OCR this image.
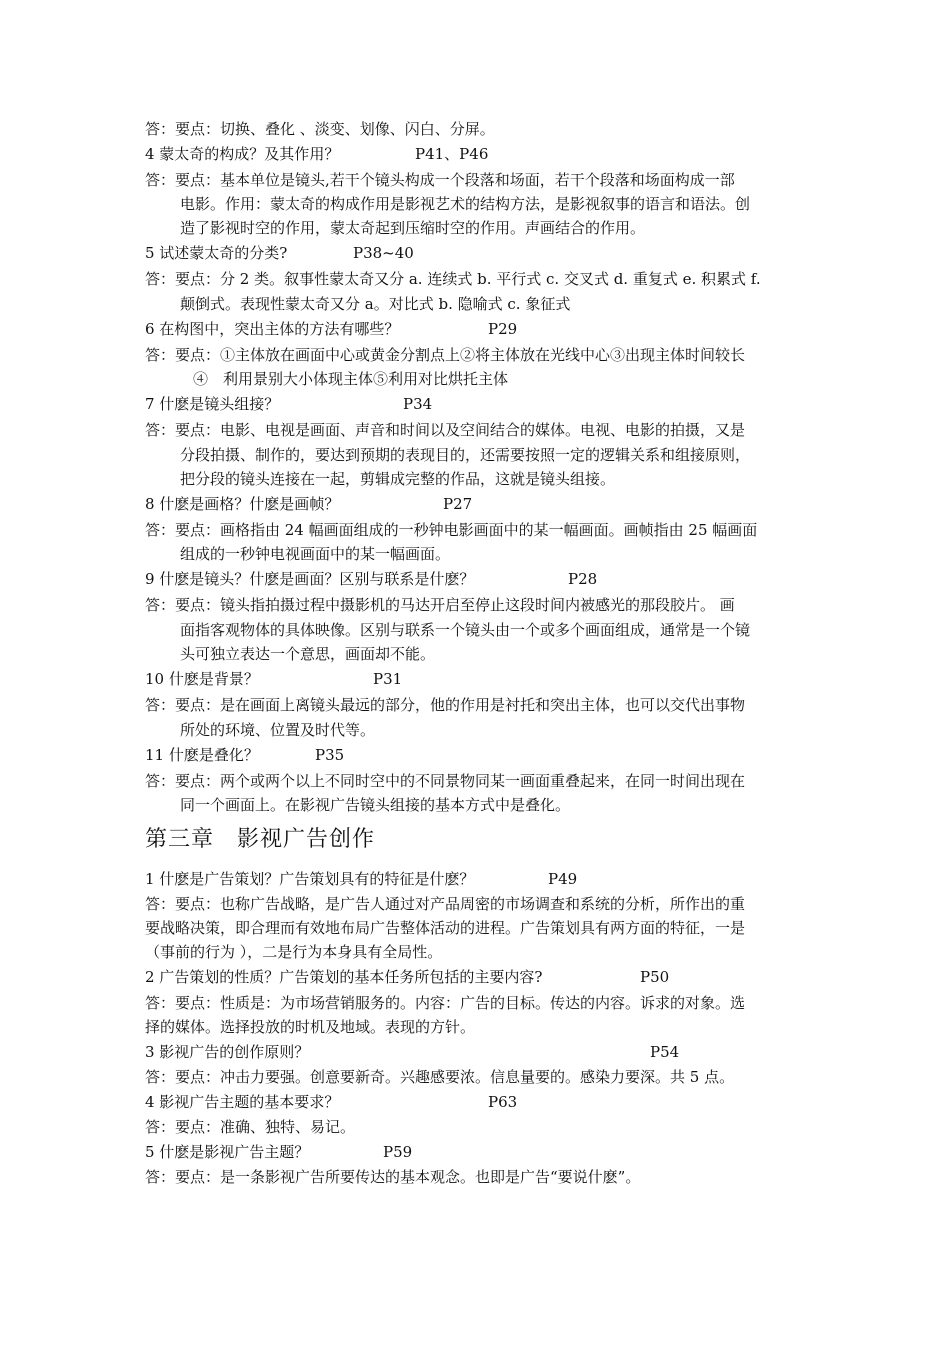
答：要点：切换、叠化 、淡变、划像、闪白、分屏。
4 蒙太奇的构成？及其作用？	P41、P46
答：要点：基本单位是镜头,若干个镜头构成一个段落和场面，若干个段落和场面构成一部
电影。作用：蒙太奇的构成作用是影视艺术的结构方法，是影视叙事的语言和语法。创
造了影视时空的作用，蒙太奇起到压缩时空的作用。声画结合的作用。
5 试述蒙太奇的分类?	P38~40
答：要点：分 2 类。叙事性蒙太奇又分 a. 连续式 b. 平行式 c. 交叉式 d. 重复式 e. 积累式 f.
颠倒式。表现性蒙太奇又分 a。对比式 b. 隐喻式 c. 象征式
6 在构图中，突出主体的方法有哪些？	P29
答：要点：①主体放在画面中心或黄金分割点上②将主体放在光线中心③出现主体时间较长
④　利用景别大小体现主体⑤利用对比烘托主体
7 什麽是镜头组接？	P34
答：要点：电影、电视是画面、声音和时间以及空间结合的媒体。电视、电影的拍摄，又是
分段拍摄、制作的，要达到预期的表现目的，还需要按照一定的逻辑关系和组接原则，
把分段的镜头连接在一起，剪辑成完整的作品，这就是镜头组接。
8 什麽是画格？什麽是画帧？	P27
答：要点：画格指由 24 幅画面组成的一秒钟电影画面中的某一幅画面。画帧指由 25 幅画面
组成的一秒钟电视画面中的某一幅画面。
9 什麽是镜头？什麽是画面？区别与联系是什麽？	P28
答：要点：镜头指拍摄过程中摄影机的马达开启至停止这段时间内被感光的那段胶片。 画
面指客观物体的具体映像。区别与联系一个镜头由一个或多个画面组成，通常是一个镜
头可独立表达一个意思，画面却不能。
10 什麽是背景？	P31
答：要点：是在画面上离镜头最远的部分，他的作用是衬托和突出主体，也可以交代出事物
所处的环境、位置及时代等。
11 什麽是叠化？	P35
答：要点：两个或两个以上不同时空中的不同景物同某一画面重叠起来，在同一时间出现在
同一个画面上。在影视广告镜头组接的基本方式中是叠化。
第三章　影视广告创作
1 什麽是广告策划？广告策划具有的特征是什麽？	P49
答：要点：也称广告战略，是广告人通过对产品周密的市场调查和系统的分析，所作出的重
要战略决策，即合理而有效地布局广告整体活动的进程。广告策划具有两方面的特征，一是
（事前的行为 ），二是行为本身具有全局性。
2 广告策划的性质？广告策划的基本任务所包括的主要内容?	P50
答：要点：性质是：为市场营销服务的。内容：广告的目标。传达的内容。诉求的对象。选
择的媒体。选择投放的时机及地域。表现的方针。
3 影视广告的创作原则？	P54
答：要点：冲击力要强。创意要新奇。兴趣感要浓。信息量要的。感染力要深。共 5 点。
4 影视广告主题的基本要求？	P63
答：要点：准确、独特、易记。
5 什麽是影视广告主题？	P59
答：要点：是一条影视广告所要传达的基本观念。也即是广告“要说什麽”。
